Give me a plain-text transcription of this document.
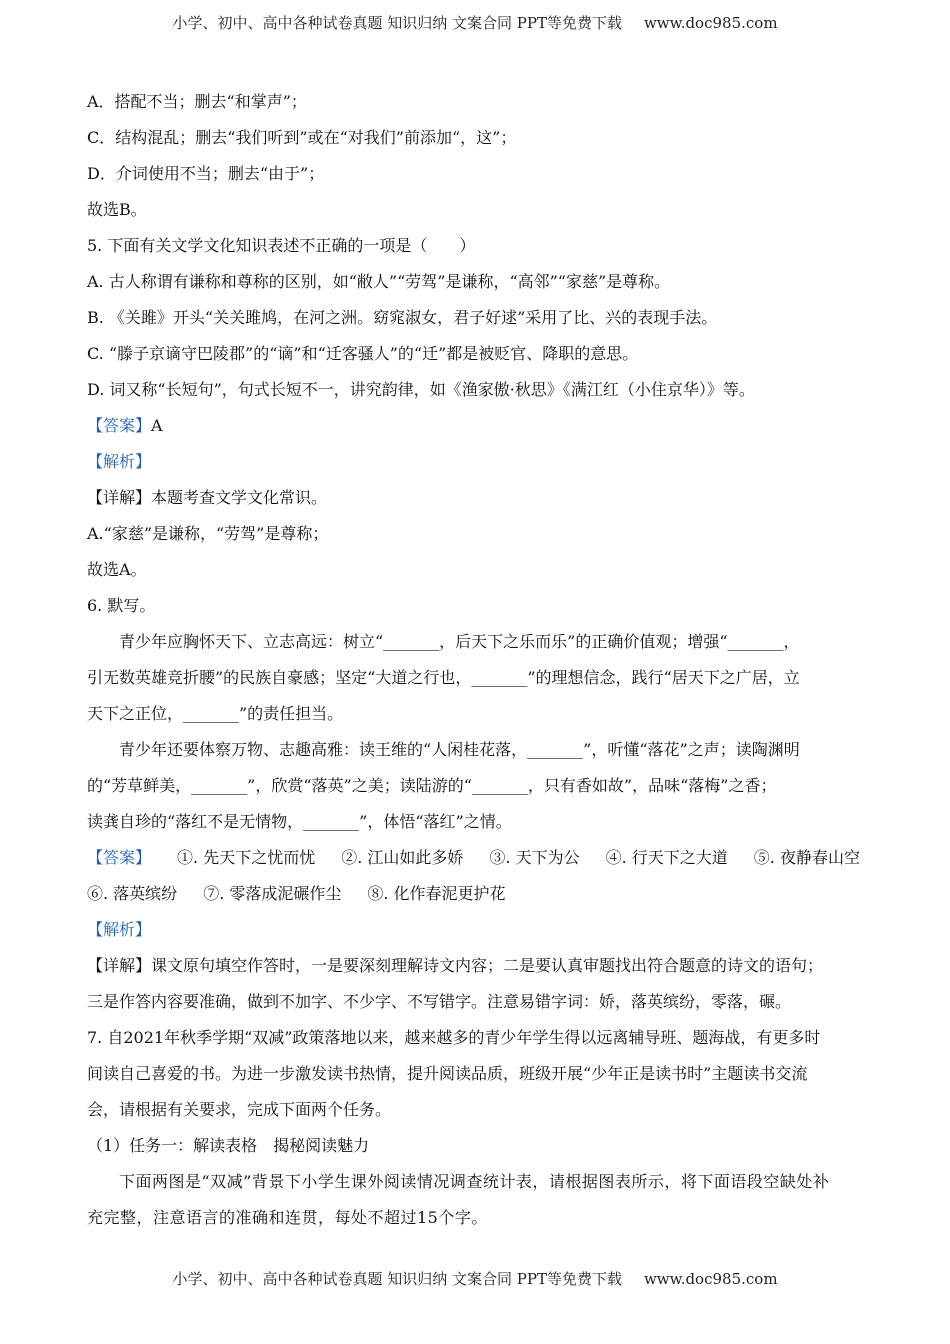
小学、初中、高中各种试卷真题 知识归纳 文案合同 PPT等免费下载 www.doc985.com
A．搭配不当；删去“和掌声”；
C．结构混乱；删去“我们听到”或在“对我们”前添加“，这”；
D．介词使用不当；删去“由于”；
故选B。
5. 下面有关文学文化知识表述不正确的一项是（　　）
A. 古人称谓有谦称和尊称的区别，如“敝人”“劳驾”是谦称，“高邻”“家慈”是尊称。
B. 《关雎》开头“关关雎鸠，在河之洲。窈窕淑女，君子好逑”采用了比、兴的表现手法。
C. “滕子京谪守巴陵郡”的“谪”和“迁客骚人”的“迁”都是被贬官、降职的意思。
D. 词又称“长短句”，句式长短不一，讲究韵律，如《渔家傲·秋思》《满江红（小住京华）》等。
【答案】A
【解析】
【详解】本题考查文学文化常识。
A.“家慈”是谦称，“劳驾”是尊称；
故选A。
6. 默写。
青少年应胸怀天下、立志高远：树立“_______，后天下之乐而乐”的正确价值观；增强“_______，
引无数英雄竞折腰”的民族自豪感；坚定“大道之行也，_______”的理想信念，践行“居天下之广居，立
天下之正位，_______”的责任担当。
青少年还要体察万物、志趣高雅：读王维的“人闲桂花落，_______”，听懂“落花”之声；读陶渊明
的“芳草鲜美，_______”，欣赏“落英”之美；读陆游的“_______，只有香如故”，品味“落梅”之香；
读龚自珍的“落红不是无情物，_______”，体悟“落红”之情。
【答案】 ①. 先天下之忧而忧 ②. 江山如此多娇 ③. 天下为公 ④. 行天下之大道 ⑤. 夜静春山空
⑥. 落英缤纷 ⑦. 零落成泥碾作尘 ⑧. 化作春泥更护花
【解析】
【详解】课文原句填空作答时，一是要深刻理解诗文内容；二是要认真审题找出符合题意的诗文的语句；
三是作答内容要准确，做到不加字、不少字、不写错字。注意易错字词：娇，落英缤纷，零落，碾。
7. 自2021年秋季学期“双减”政策落地以来，越来越多的青少年学生得以远离辅导班、题海战，有更多时
间读自己喜爱的书。为进一步激发读书热情，提升阅读品质，班级开展“少年正是读书时”主题读书交流
会，请根据有关要求，完成下面两个任务。
（1）任务一：解读表格　揭秘阅读魅力
下面两图是“双减”背景下小学生课外阅读情况调查统计表，请根据图表所示，将下面语段空缺处补
充完整，注意语言的准确和连贯，每处不超过15个字。
小学、初中、高中各种试卷真题 知识归纳 文案合同 PPT等免费下载 www.doc985.com
